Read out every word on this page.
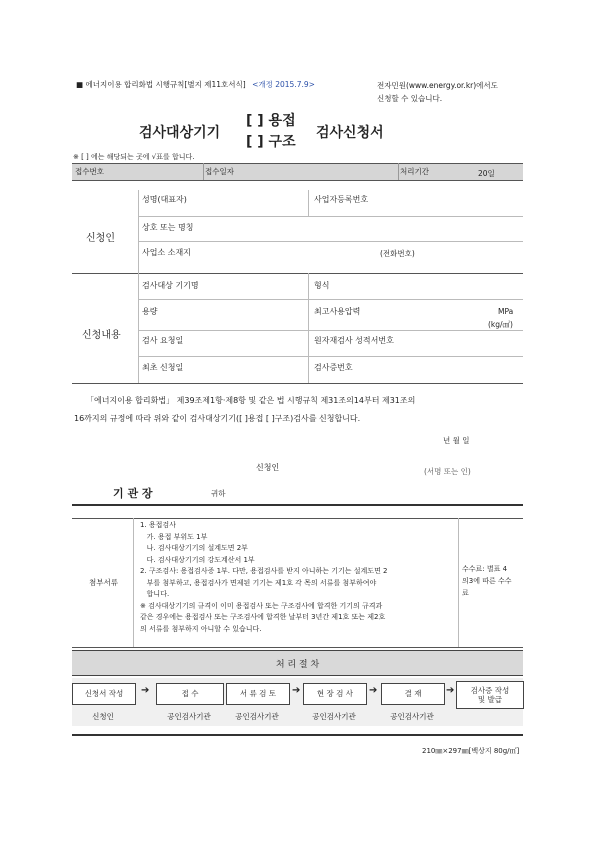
■ 에너지이용 합리화법 시행규칙[별지 제11호서식] <개정 2015.7.9>	전자민원(www.energy.or.kr)에서도
신청할 수 있습니다.
검사대상기기
[ ] 용접
[ ] 구조
검사신청서
※ [ ] 에는 해당되는 곳에 √표를 합니다.
접수번호	접수일자	처리기간	20일
신청인
성명(대표자)	사업자등록번호
상호 또는 명칭
사업소 소재지	(전화번호)
신청내용
검사대상 기기명	형식
용량	최고사용압력	MPa
(kg/㎠)
검사 요청일	원자재검사 성적서번호
최초 신청일	검사증번호
「에너지이용 합리화법」 제39조제1항·제8항 및 같은 법 시행규칙 제31조의14부터 제31조의
16까지의 규정에 따라 위와 같이 검사대상기기([ ]용접 [ ]구조)검사를 신청합니다.
년 월 일
신청인	(서명 또는 인)
기 관 장	귀하
첨부서류
1. 용접검사
가. 용접 부위도 1부
나. 검사대상기기의 설계도면 2부
다. 검사대상기기의 강도계산서 1부
2. 구조검사: 용접검사증 1부. 다만, 용접검사를 받지 아니하는 기기는 설계도면 2
부를 첨부하고, 용접검사가 면제된 기기는 제1호 각 목의 서류를 첨부하여야
합니다.
※ 검사대상기기의 규격이 이미 용접검사 또는 구조검사에 합격한 기기의 규격과
같은 경우에는 용접검사 또는 구조검사에 합격한 날부터 3년간 제1호 또는 제2호
의 서류를 첨부하지 아니할 수 있습니다.
수수료: 별표 4
의3에 따른 수수
료
처 리 절 차
신청서 작성	➔	접 수	서 류 검 토	➔	현 장 검 사	➔	결 재	➔	검사증 작성
및 발급
신청인	공인검사기관	공인검사기관	공인검사기관	공인검사기관
210㎜×297㎜[백상지 80g/㎡]
